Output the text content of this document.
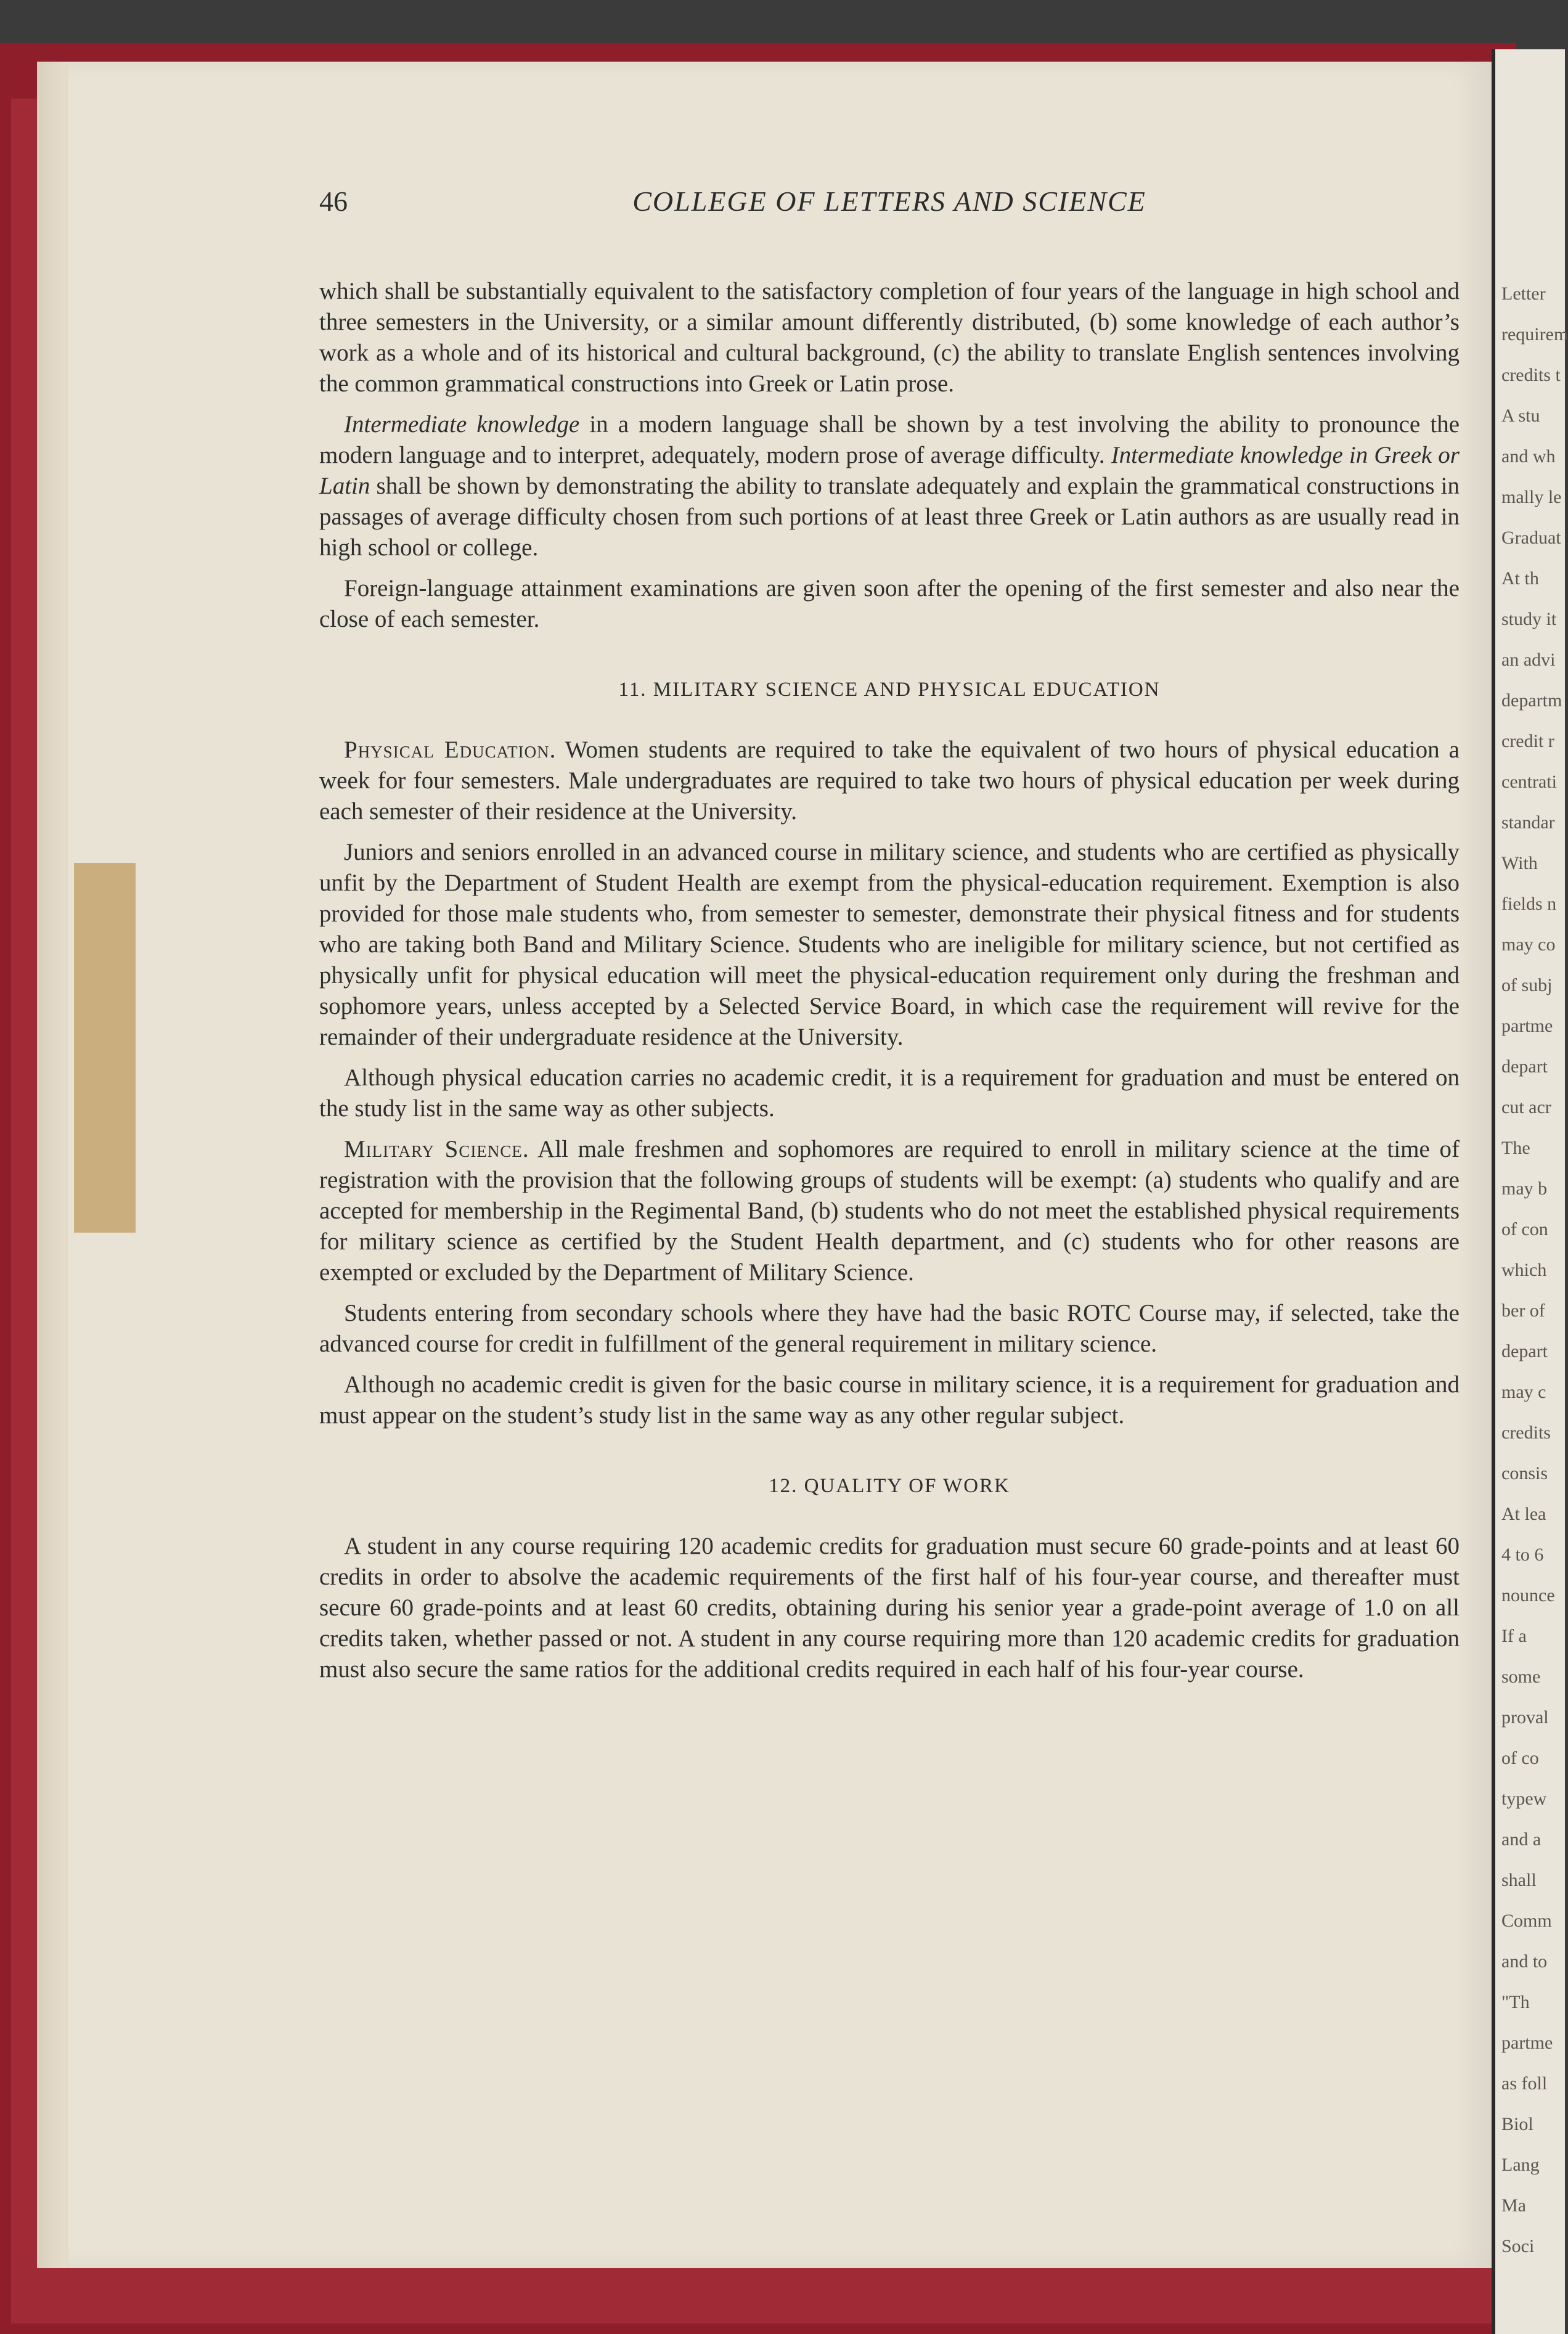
Letter
requirem
credits t
A stu
and wh
mally le
Graduat
At th
study it
an advi
departm
credit r
centrati
standar
With
fields n
may co
of subj
partme
depart
cut acr
The
may b
of con
which
ber of
depart
may c
credits
consis
At lea
4 to 6
nounce
If a
some
proval
of co
typew
and a
shall
Comm
and to
"Th
partme
as foll
Biol
Lang
Ma
Soci
46	COLLEGE OF LETTERS AND SCIENCE

which shall be substantially equivalent to the satisfactory completion of four years of the language in high school and three semesters in the University, or a similar amount differently distributed, (b) some knowledge of each author’s work as a whole and of its historical and cultural background, (c) the ability to translate English sentences involving the common grammatical constructions into Greek or Latin prose.

Intermediate knowledge in a modern language shall be shown by a test involving the ability to pronounce the modern language and to interpret, adequately, modern prose of average difficulty. Intermediate knowledge in Greek or Latin shall be shown by demonstrating the ability to translate adequately and explain the grammatical constructions in passages of average difficulty chosen from such portions of at least three Greek or Latin authors as are usually read in high school or college.

Foreign-language attainment examinations are given soon after the opening of the first semester and also near the close of each semester.

11. MILITARY SCIENCE AND PHYSICAL EDUCATION

Physical Education. Women students are required to take the equivalent of two hours of physical education a week for four semesters. Male undergraduates are required to take two hours of physical education per week during each semester of their residence at the University.

Juniors and seniors enrolled in an advanced course in military science, and students who are certified as physically unfit by the Department of Student Health are exempt from the physical-education requirement. Exemption is also provided for those male students who, from semester to semester, demonstrate their physical fitness and for students who are taking both Band and Military Science. Students who are ineligible for military science, but not certified as physically unfit for physical education will meet the physical-education requirement only during the freshman and sophomore years, unless accepted by a Selected Service Board, in which case the requirement will revive for the remainder of their undergraduate residence at the University.

Although physical education carries no academic credit, it is a requirement for graduation and must be entered on the study list in the same way as other subjects.

Military Science. All male freshmen and sophomores are required to enroll in military science at the time of registration with the provision that the following groups of students will be exempt: (a) students who qualify and are accepted for membership in the Regimental Band, (b) students who do not meet the established physical requirements for military science as certified by the Student Health department, and (c) students who for other reasons are exempted or excluded by the Department of Military Science.

Students entering from secondary schools where they have had the basic ROTC Course may, if selected, take the advanced course for credit in fulfillment of the general requirement in military science.

Although no academic credit is given for the basic course in military science, it is a requirement for graduation and must appear on the student’s study list in the same way as any other regular subject.

12. QUALITY OF WORK

A student in any course requiring 120 academic credits for graduation must secure 60 grade-points and at least 60 credits in order to absolve the academic requirements of the first half of his four-year course, and thereafter must secure 60 grade-points and at least 60 credits, obtaining during his senior year a grade-point average of 1.0 on all credits taken, whether passed or not. A student in any course requiring more than 120 academic credits for graduation must also secure the same ratios for the additional credits required in each half of his four-year course.
